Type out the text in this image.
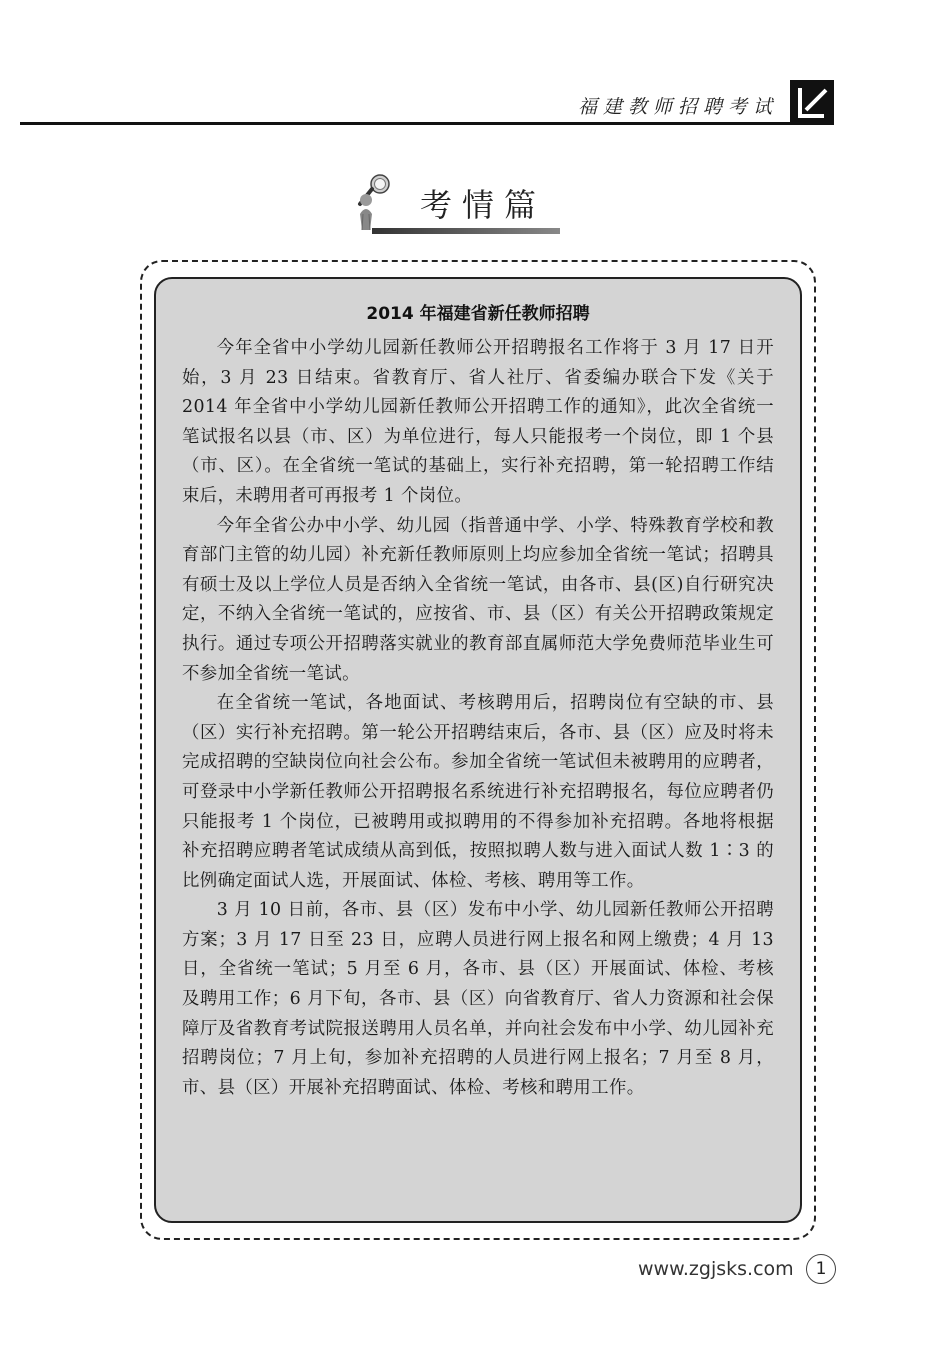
福建教师招聘考试
考情篇
2014 年福建省新任教师招聘

今年全省中小学幼儿园新任教师公开招聘报名工作将于 3 月 17 日开始，3 月 23 日结束。省教育厅、省人社厅、省委编办联合下发《关于 2014 年全省中小学幼儿园新任教师公开招聘工作的通知》，此次全省统一笔试报名以县（市、区）为单位进行，每人只能报考一个岗位，即 1 个县（市、区）。在全省统一笔试的基础上，实行补充招聘，第一轮招聘工作结束后，未聘用者可再报考 1 个岗位。

今年全省公办中小学、幼儿园（指普通中学、小学、特殊教育学校和教育部门主管的幼儿园）补充新任教师原则上均应参加全省统一笔试；招聘具有硕士及以上学位人员是否纳入全省统一笔试，由各市、县(区)自行研究决定，不纳入全省统一笔试的，应按省、市、县（区）有关公开招聘政策规定执行。通过专项公开招聘落实就业的教育部直属师范大学免费师范毕业生可不参加全省统一笔试。

在全省统一笔试，各地面试、考核聘用后，招聘岗位有空缺的市、县（区）实行补充招聘。第一轮公开招聘结束后，各市、县（区）应及时将未完成招聘的空缺岗位向社会公布。参加全省统一笔试但未被聘用的应聘者，可登录中小学新任教师公开招聘报名系统进行补充招聘报名，每位应聘者仍只能报考 1 个岗位，已被聘用或拟聘用的不得参加补充招聘。各地将根据补充招聘应聘者笔试成绩从高到低，按照拟聘人数与进入面试人数 1∶3 的比例确定面试人选，开展面试、体检、考核、聘用等工作。

3 月 10 日前，各市、县（区）发布中小学、幼儿园新任教师公开招聘方案；3 月 17 日至 23 日，应聘人员进行网上报名和网上缴费；4 月 13 日，全省统一笔试；5 月至 6 月，各市、县（区）开展面试、体检、考核及聘用工作；6 月下旬，各市、县（区）向省教育厅、省人力资源和社会保障厅及省教育考试院报送聘用人员名单，并向社会发布中小学、幼儿园补充招聘岗位；7 月上旬，参加补充招聘的人员进行网上报名；7 月至 8 月，市、县（区）开展补充招聘面试、体检、考核和聘用工作。

www.zgjsks.com	1
